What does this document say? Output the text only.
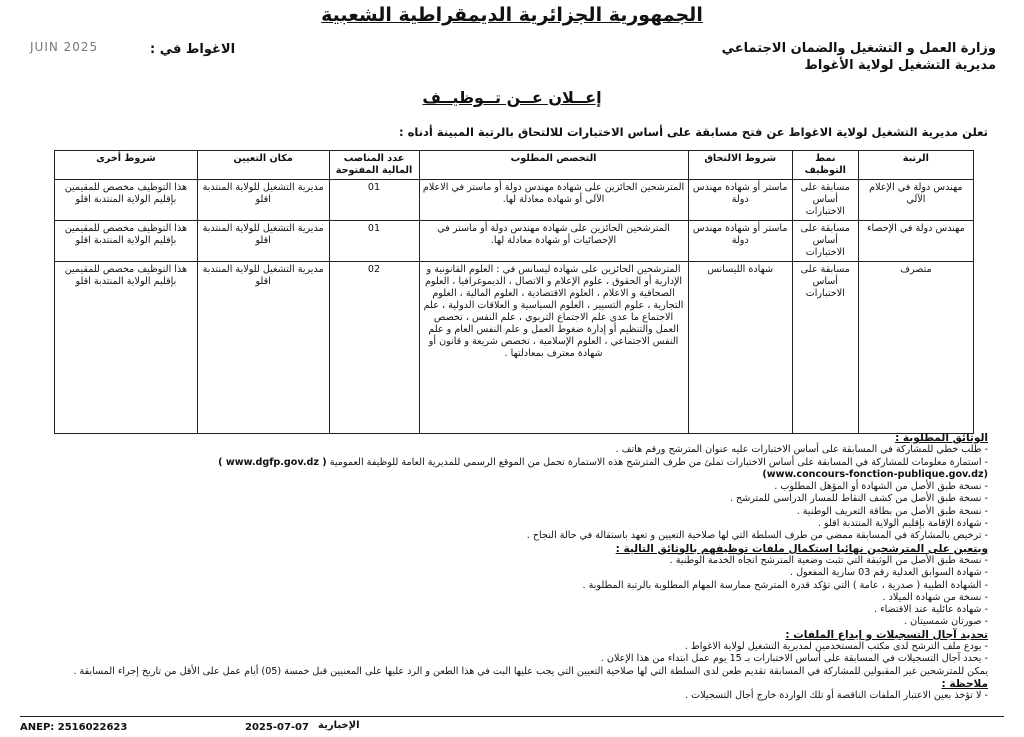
الجمهورية الجزائرية الديمقراطية الشعبية
وزارة العمل و التشغيل والضمان الاجتماعي
مديرية التشغيل لولاية الأغواط
الاغواط في :
JUIN 2025
إعــلان عــن تــوظيــف
تعلن مديرية التشغيل لولاية الاغواط عن فتح مسابقة على أساس الاختبارات للالتحاق بالرتبة المبينة أدناه :
الرتبة	نمط التوظيف	شروط الالتحاق	التخصص المطلوب	عدد المناصب المالية المفتوحة	مكان التعيين	شروط أخرى
مهندس دولة في الإعلام الآلي	مسابقة على أساس الاختبارات	ماستر أو شهادة مهندس دولة	المترشحين الحائزين على شهادة مهندس دولة أو ماستر في الاعلام الآلي أو شهادة معادلة لها.	01	مديرية التشغيل للولاية المنتدبة اقلو	هذا التوظيف مخصص للمقيمين بإقليم الولاية المنتدبة اقلو
مهندس دولة في الإحصاء	مسابقة على أساس الاختبارات	ماستر أو شهادة مهندس دولة	المترشحين الحائزين على شهادة مهندس دولة أو ماستر في الإحصائيات أو شهادة معادلة لها.	01	مديرية التشغيل للولاية المنتدبة اقلو	هذا التوظيف مخصص للمقيمين بإقليم الولاية المنتدبة اقلو
متصرف	مسابقة على أساس الاختبارات	شهادة الليسانس	المترشحين الحائزين على شهادة ليسانس في : العلوم القانونية و الإدارية أو الحقوق ، علوم الإعلام و الاتصال ، الديموغرافيا ، العلوم الصحافية و الاعلام ، العلوم الاقتصادية ، العلوم المالية ، العلوم التجارية ، علوم التسيير ، العلوم السياسية و العلاقات الدولية ، علم الاجتماع ما عدى علم الاجتماع التربوي ، علم النفس ، تخصص العمل والتنظيم أو إدارة ضغوط العمل و علم النفس العام و علم النفس الاجتماعي ، العلوم الإسلامية ، تخصص شريعة و قانون أو شهادة معترف بمعادلتها .	02	مديرية التشغيل للولاية المنتدبة اقلو	هذا التوظيف مخصص للمقيمين بإقليم الولاية المنتدبة اقلو

الوثائق المطلوبة :

- طلب خطي للمشاركة في المسابقة على أساس الاختبارات عليه عنوان المترشح ورقم هاتف .

- استمارة معلومات للمشاركة في المسابقة على أساس الاختبارات تملئ من طرف المترشح هذه الاستمارة تحمل من الموقع الرسمي للمديرية العامة للوظيفة العمومية ( www.dgfp.gov.dz )

(www.concours-fonction-publique.gov.dz)

- نسخة طبق الأصل من الشهادة أو المؤهل المطلوب .

- نسخة طبق الأصل من كشف النقاط للمسار الدراسي للمترشح .

- نسخة طبق الأصل من بطاقة التعريف الوطنية .

- شهادة الإقامة بإقليم الولاية المنتدبة اقلو .

- ترخيص بالمشاركة في المسابقة ممضي من طرف السلطة التي لها صلاحية التعيين و تعهد باستقالة في حالة النجاح .

ويتعين على المترشحين نهائيا استكمال ملفات توظيفهم بالوثائق التالية :

- نسخة طبق الأصل من الوثيقة التي تثبت وضعية المترشح اتجاه الخدمة الوطنية .

- شهادة السوابق العدلية رقم 03 سارية المفعول .

- الشهادة الطبية ( صدرية ، عامة ) التي تؤكد قدرة المترشح ممارسة المهام المطلوبة بالرتبة المطلوبة .

- نسخة من شهادة الميلاد .

- شهادة عائلية عند الاقتضاء .

- صورتان شمسيتان .

تحديد آجال التسجيلات و إيداع الملفات :

- يودع ملف الترشح لدى مكتب المستخدمين لمديرية التشغيل لولاية الاغواط .

- يحدد آجال التسجيلات في المسابقة على أساس الاختبارات بـ 15 يوم عمل ابتداء من هذا الإعلان .

يمكن للمترشحين غير المقبولين للمشاركة في المسابقة تقديم طعن لدى السلطة التي لها صلاحية التعيين التي يجب عليها البت في هذا الطعن و الرد عليها على المعنيين قبل خمسة (05) أيام عمل على الأقل من تاريخ إجراء المسابقة .

ملاحظة :

- لا تؤخذ بعين الاعتبار الملفات الناقصة أو تلك الواردة خارج أجال التسجيلات .

ANEP: 2516022623	2025-07-07 الإخبارية
